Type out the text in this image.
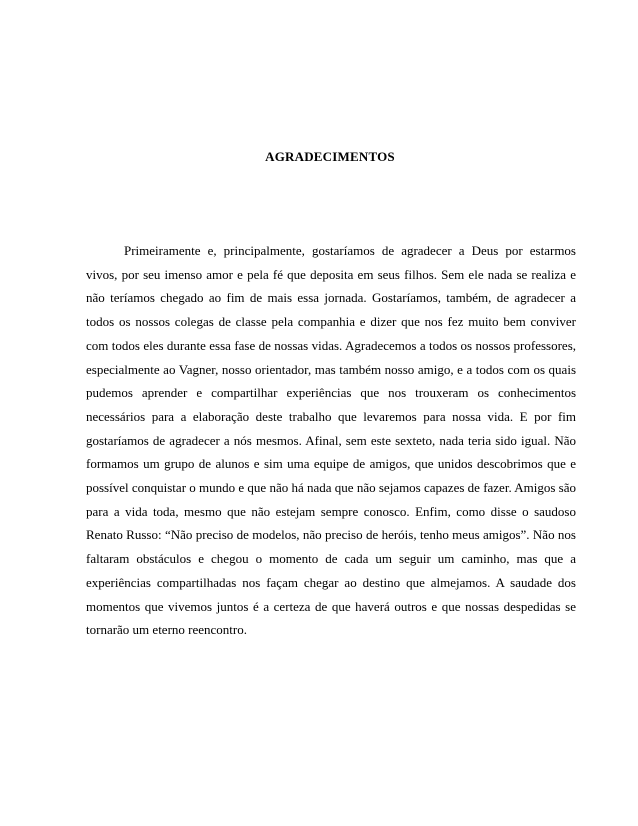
AGRADECIMENTOS

Primeiramente e, principalmente, gostaríamos de agradecer a Deus por estarmos vivos, por seu imenso amor e pela fé que deposita em seus filhos. Sem ele nada se realiza e não teríamos chegado ao fim de mais essa jornada. Gostaríamos, também, de agradecer a todos os nossos colegas de classe pela companhia e dizer que nos fez muito bem conviver com todos eles durante essa fase de nossas vidas. Agradecemos a todos os nossos professores, especialmente ao Vagner, nosso orientador, mas também nosso amigo, e a todos com os quais pudemos aprender e compartilhar experiências que nos trouxeram os conhecimentos necessários para a elaboração deste trabalho que levaremos para nossa vida. E por fim gostaríamos de agradecer a nós mesmos. Afinal, sem este sexteto, nada teria sido igual. Não formamos um grupo de alunos e sim uma equipe de amigos, que unidos descobrimos que e possível conquistar o mundo e que não há nada que não sejamos capazes de fazer. Amigos são para a vida toda, mesmo que não estejam sempre conosco. Enfim, como disse o saudoso Renato Russo: “Não preciso de modelos, não preciso de heróis, tenho meus amigos”. Não nos faltaram obstáculos e chegou o momento de cada um seguir um caminho, mas que a experiências compartilhadas nos façam chegar ao destino que almejamos. A saudade dos momentos que vivemos juntos é a certeza de que haverá outros e que nossas despedidas se tornarão um eterno reencontro.
